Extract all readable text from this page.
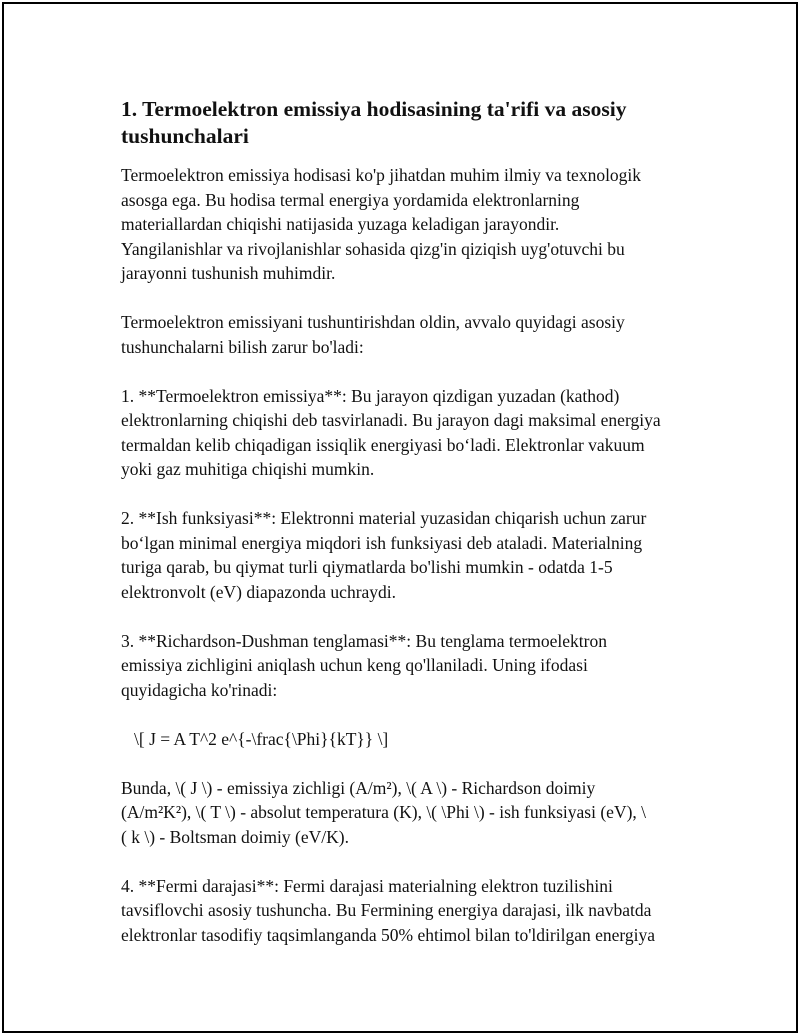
1. Termoelektron emissiya hodisasining ta'rifi va asosiy
tushunchalari
Termoelektron emissiya hodisasi ko'p jihatdan muhim ilmiy va texnologik
asosga ega. Bu hodisa termal energiya yordamida elektronlarning
materiallardan chiqishi natijasida yuzaga keladigan jarayondir.
Yangilanishlar va rivojlanishlar sohasida qizg'in qiziqish uyg'otuvchi bu
jarayonni tushunish muhimdir.
Termoelektron emissiyani tushuntirishdan oldin, avvalo quyidagi asosiy
tushunchalarni bilish zarur bo'ladi:
1. **Termoelektron emissiya**: Bu jarayon qizdigan yuzadan (kathod)
elektronlarning chiqishi deb tasvirlanadi. Bu jarayon dagi maksimal energiya
termaldan kelib chiqadigan issiqlik energiyasi bo‘ladi. Elektronlar vakuum
yoki gaz muhitiga chiqishi mumkin.
2. **Ish funksiyasi**: Elektronni material yuzasidan chiqarish uchun zarur
bo‘lgan minimal energiya miqdori ish funksiyasi deb ataladi. Materialning
turiga qarab, bu qiymat turli qiymatlarda bo'lishi mumkin - odatda 1-5
elektronvolt (eV) diapazonda uchraydi.
3. **Richardson-Dushman tenglamasi**: Bu tenglama termoelektron
emissiya zichligini aniqlash uchun keng qo'llaniladi. Uning ifodasi
quyidagicha ko'rinadi:
\[ J = A T^2 e^{-\frac{\Phi}{kT}} \]
Bunda, \( J \) - emissiya zichligi (A/m²), \( A \) - Richardson doimiy
(A/m²K²), \( T \) - absolut temperatura (K), \( \Phi \) - ish funksiyasi (eV), \
( k \) - Boltsman doimiy (eV/K).
4. **Fermi darajasi**: Fermi darajasi materialning elektron tuzilishini
tavsiflovchi asosiy tushuncha. Bu Fermining energiya darajasi, ilk navbatda
elektronlar tasodifiy taqsimlanganda 50% ehtimol bilan to'ldirilgan energiya
